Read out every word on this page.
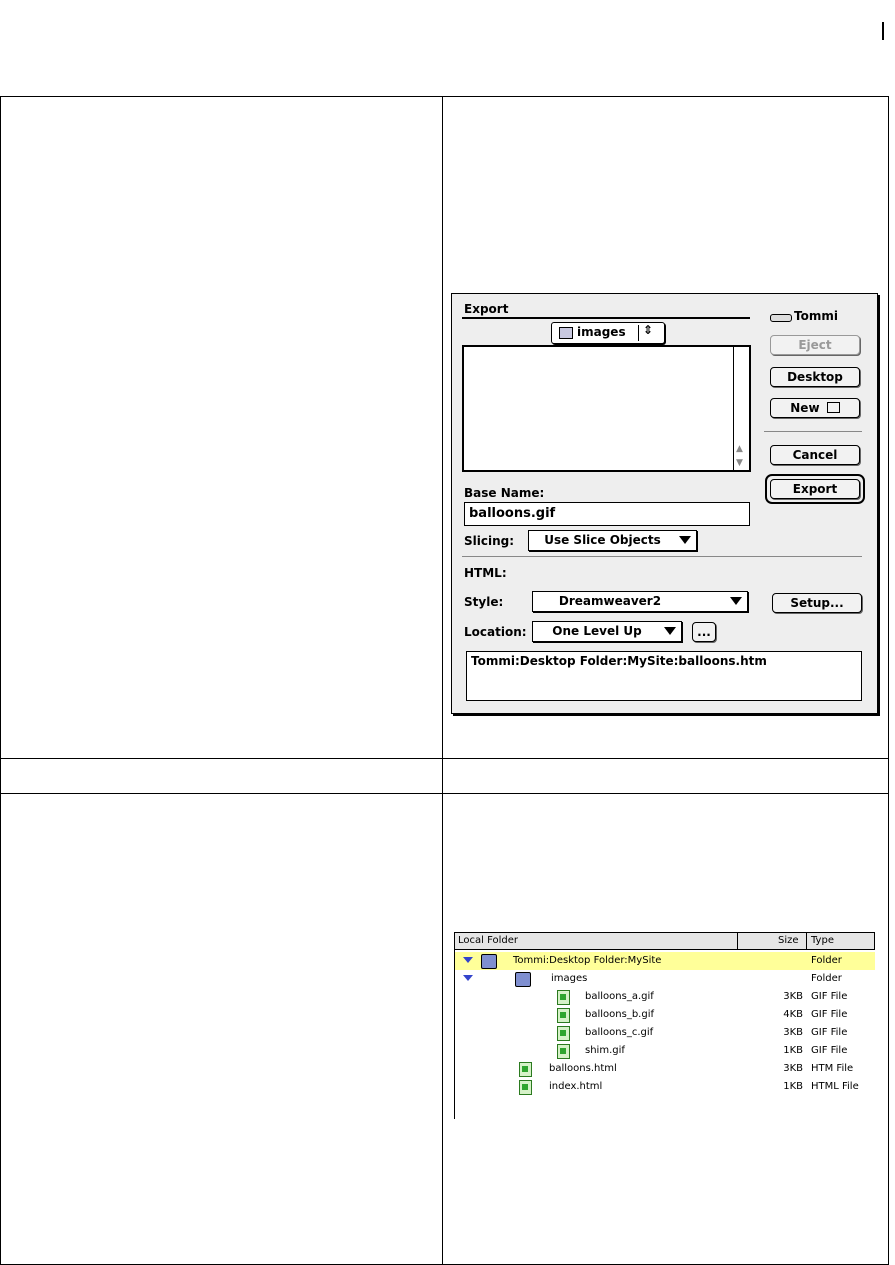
Export
images ⇕
Tommi
▲
▼
Eject
Desktop
New
Cancel
Export
Base Name:
balloons.gif
Slicing:	Use Slice Objects
HTML:
Style:	Dreamweaver2	Setup...
Location:	One Level Up	...
Tommi:Desktop Folder:MySite:balloons.htm
Local Folder	Size Type
Tommi:Desktop Folder:MySite	Folder
images	Folder
balloons_a.gif	3KB GIF File
balloons_b.gif	4KB GIF File
balloons_c.gif	3KB GIF File
shim.gif	1KB GIF File
balloons.html	3KB HTM File
index.html	1KB HTML File
